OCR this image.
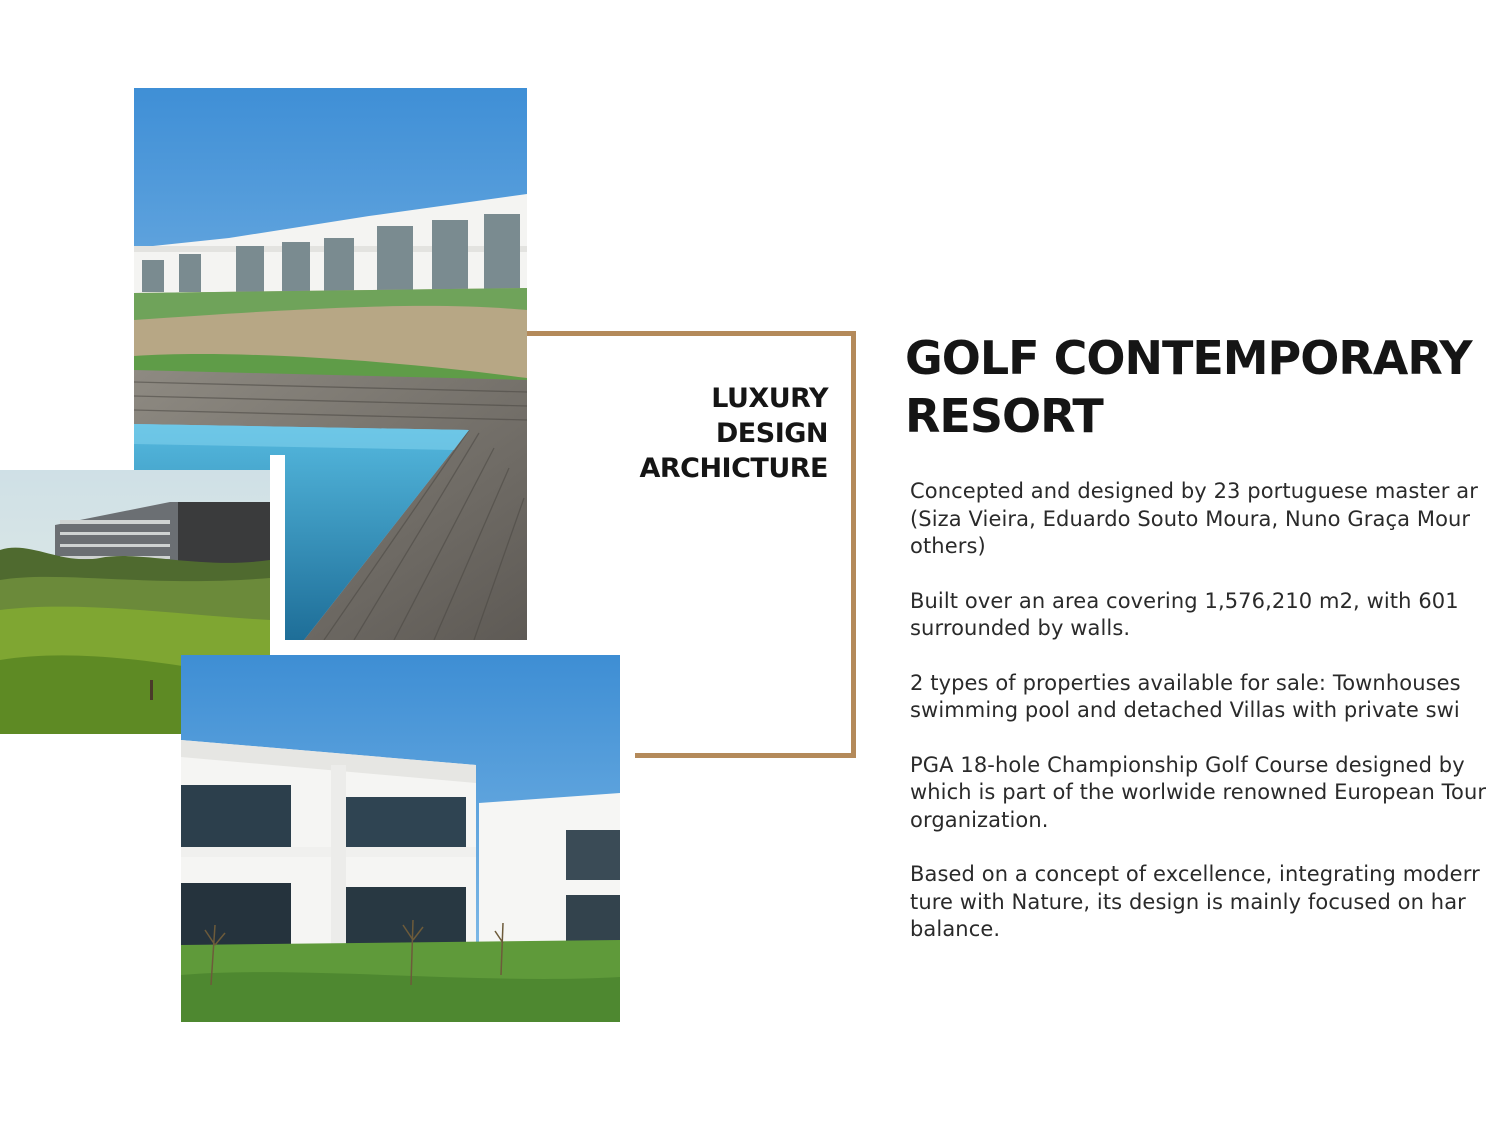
LUXURY
DESIGN
ARCHICTURE
GOLF CONTEMPORARY
RESORT

Concepted and designed by 23 portuguese master ar
(Siza Vieira, Eduardo Souto Moura, Nuno Graça Mour
others)

Built over an area covering 1,576,210 m2, with 601
surrounded by walls.

2 types of properties available for sale: Townhouses
swimming pool and detached Villas with private swi

PGA 18-hole Championship Golf Course designed by
which is part of the worlwide renowned European Tour
organization.

Based on a concept of excellence, integrating moderr
ture with Nature, its design is mainly focused on har
balance.
